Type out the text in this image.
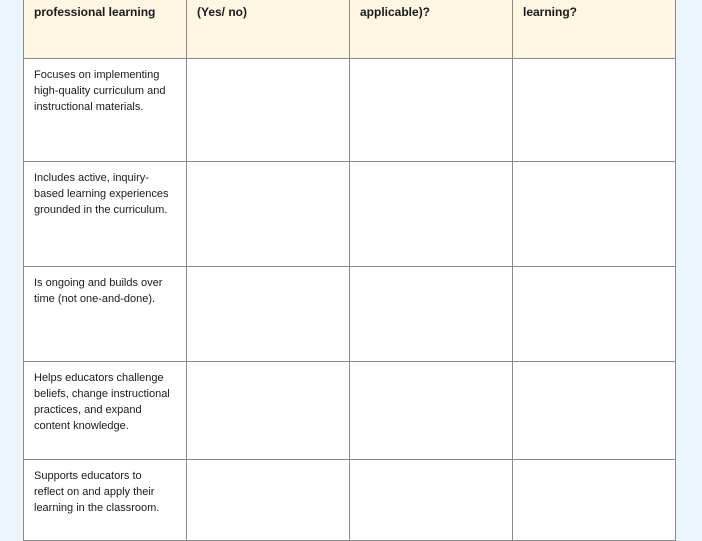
professional learning	(Yes/ no)	applicable)?	learning?

Focuses on implementing
high-quality curriculum and
instructional materials.			

Includes active, inquiry-
based learning experiences
grounded in the curriculum.			

Is ongoing and builds over
time (not one-and-done).			

Helps educators challenge
beliefs, change instructional
practices, and expand
content knowledge.			

Supports educators to
reflect on and apply their
learning in the classroom.			
